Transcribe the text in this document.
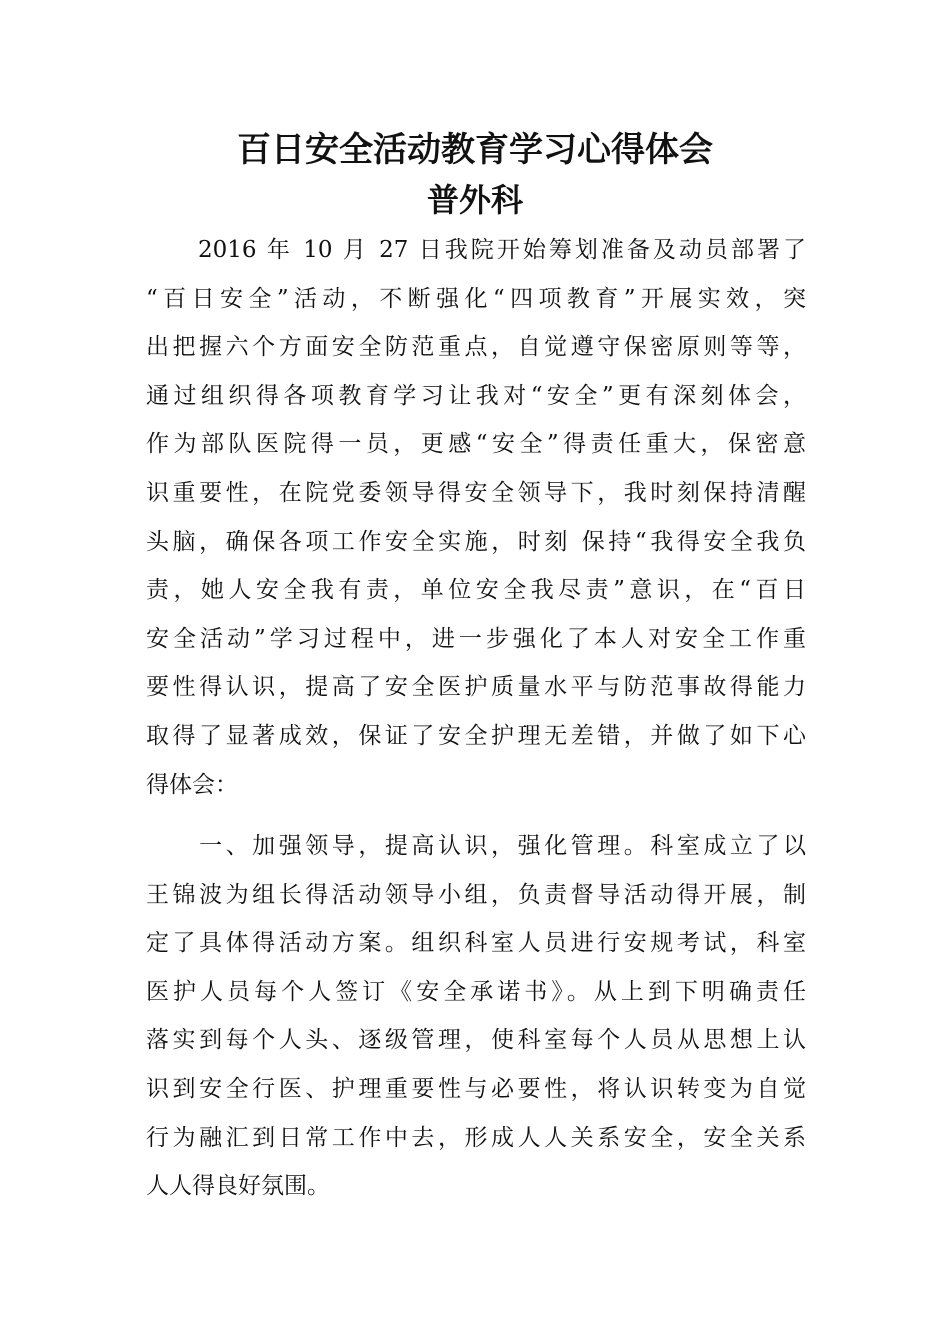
百日安全活动教育学习心得体会
普外科
　　2016 年 10 月 27 日我院开始筹划准备及动员部署了
“百日安全”活动，不断强化“四项教育”开展实效，突
出把握六个方面安全防范重点，自觉遵守保密原则等等，
通过组织得各项教育学习让我对“安全”更有深刻体会，
作为部队医院得一员，更感“安全”得责任重大，保密意
识重要性，在院党委领导得安全领导下，我时刻保持清醒
头脑，确保各项工作安全实施，时刻 保持“我得安全我负
责，她人安全我有责，单位安全我尽责”意识，在“百日
安全活动”学习过程中，进一步强化了本人对安全工作重
要性得认识，提高了安全医护质量水平与防范事故得能力
取得了显著成效，保证了安全护理无差错，并做了如下心
得体会：
　　一、加强领导，提高认识，强化管理。科室成立了以
王锦波为组长得活动领导小组，负责督导活动得开展，制
定了具体得活动方案。组织科室人员进行安规考试，科室
医护人员每个人签订《安全承诺书》。从上到下明确责任
落实到每个人头、逐级管理，使科室每个人员从思想上认
识到安全行医、护理重要性与必要性，将认识转变为自觉
行为融汇到日常工作中去，形成人人关系安全，安全关系
人人得良好氛围。
